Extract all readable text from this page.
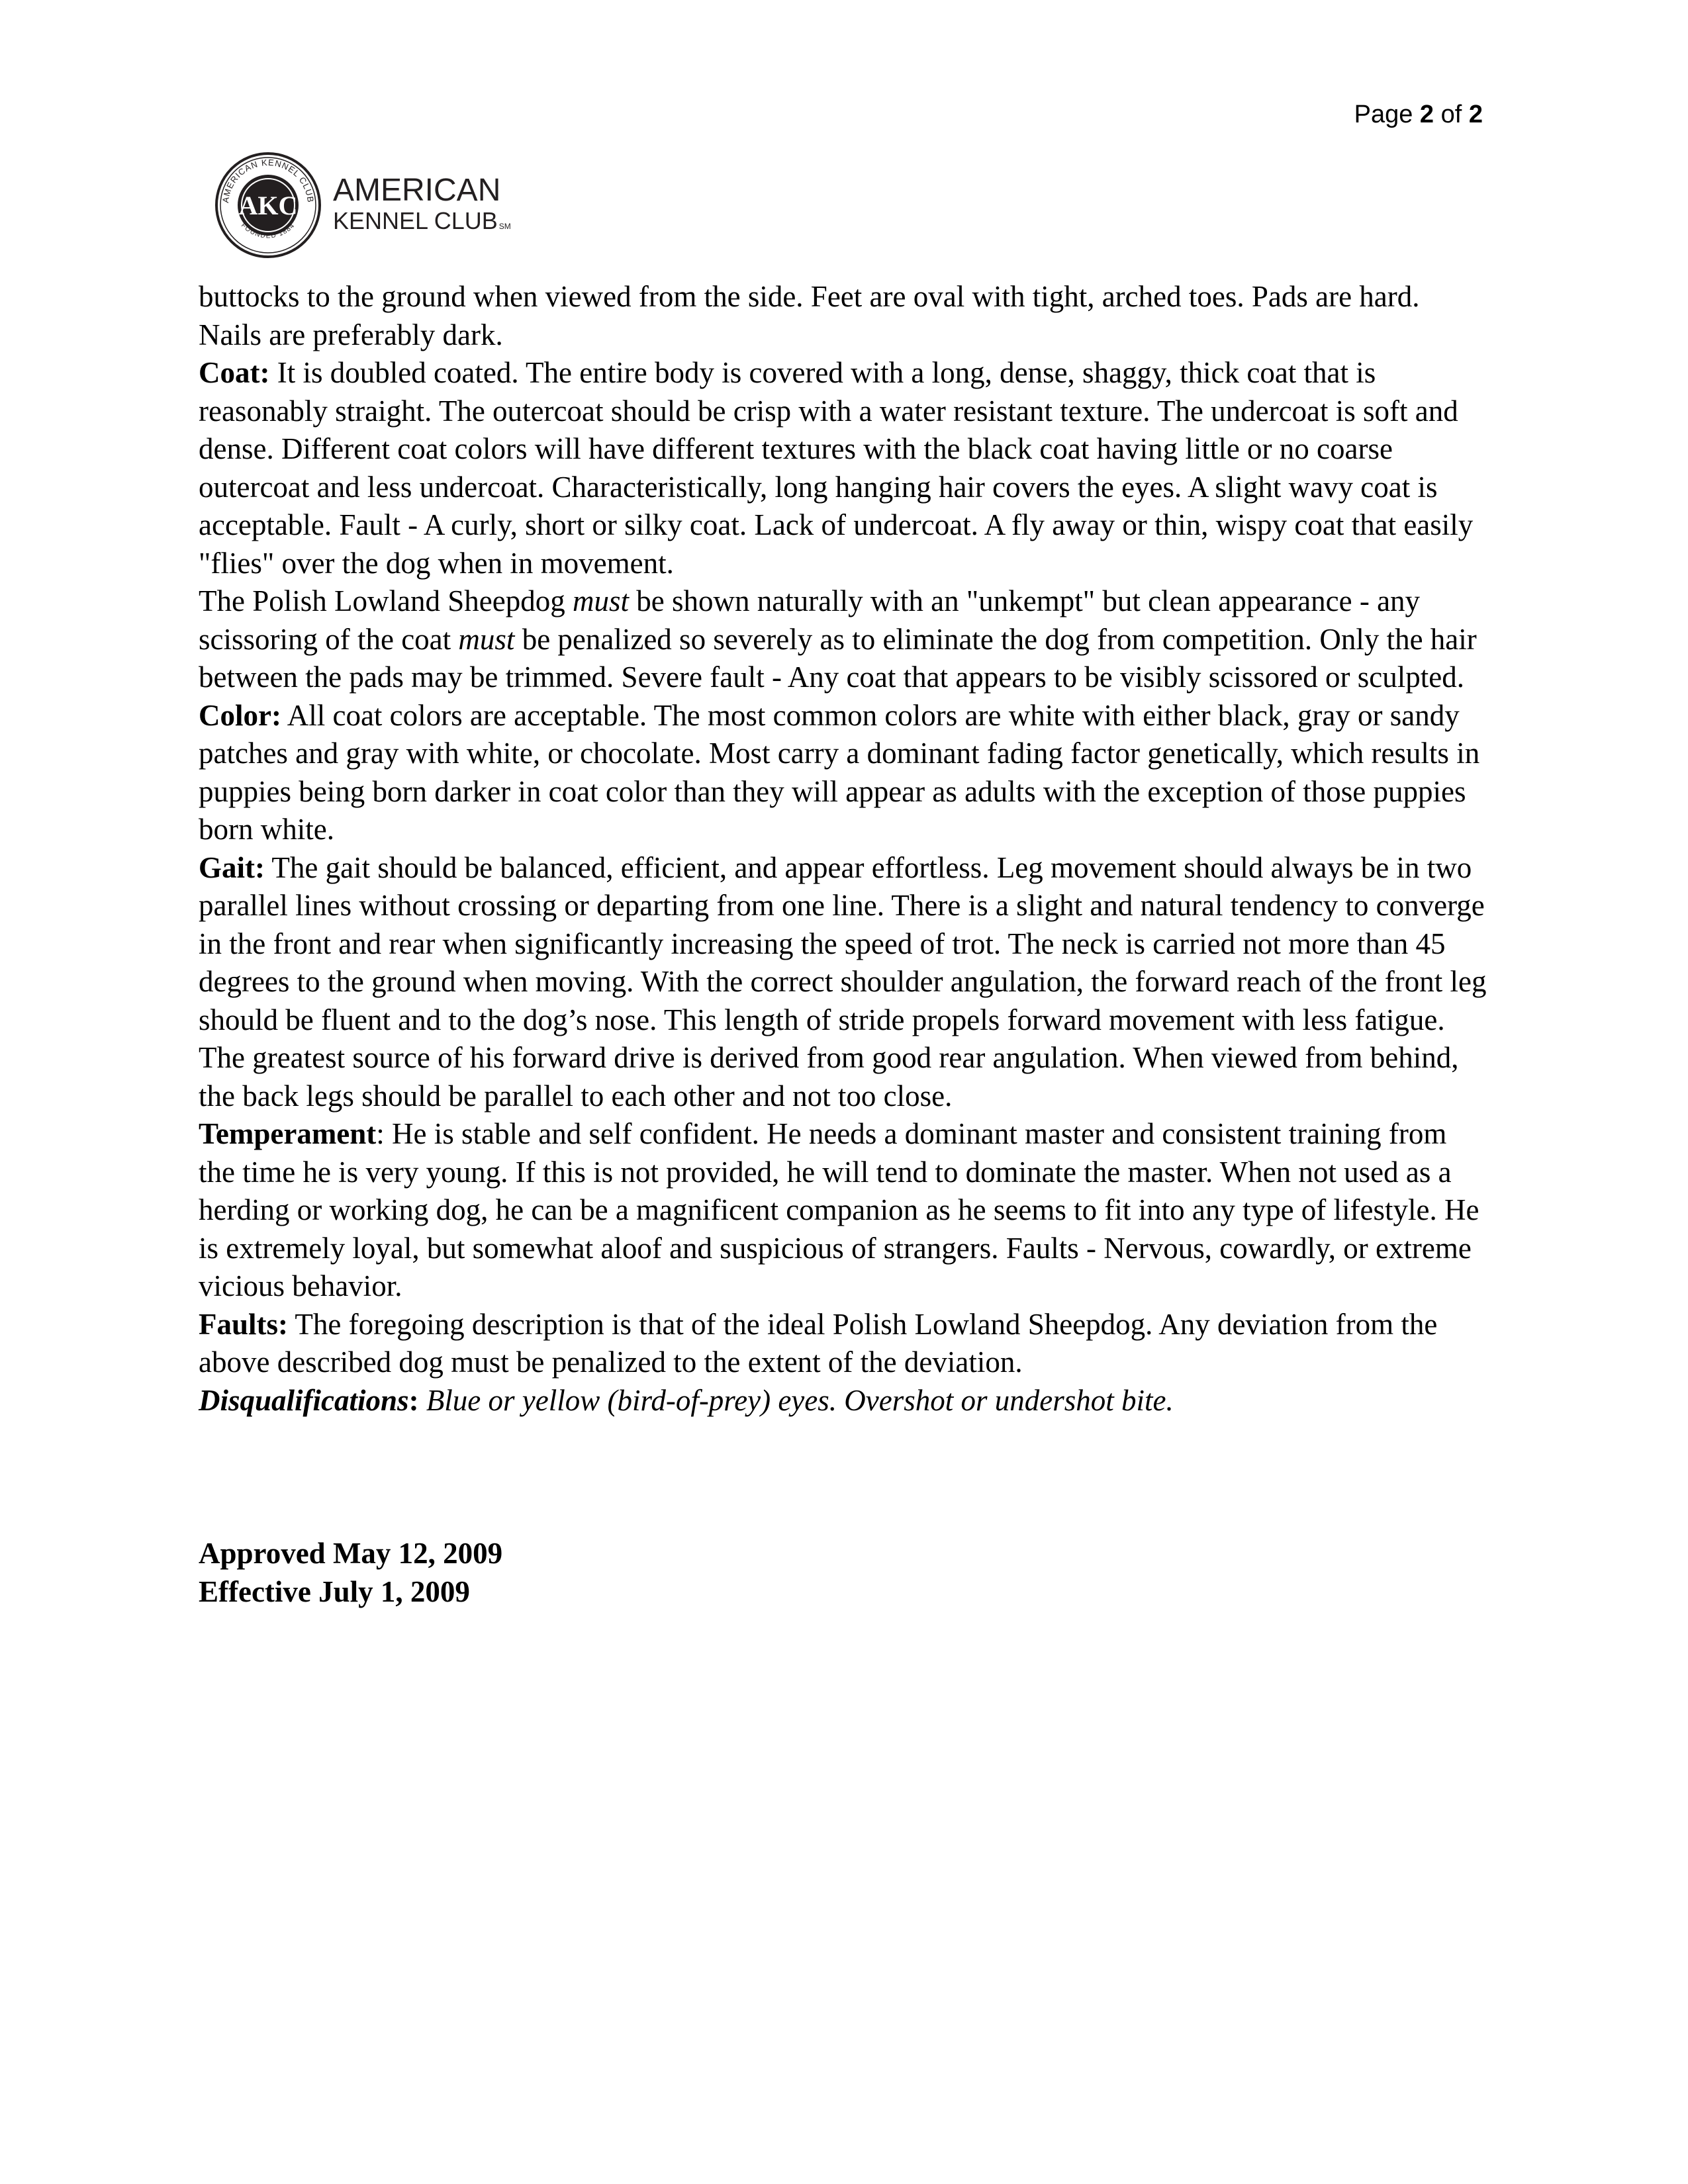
Page 2 of 2
AMERICAN KENNEL CLUB
FOUNDED 1884
AKC AMERICAN
KENNEL CLUB ℠

buttocks to the ground when viewed from the side. Feet are oval with tight, arched toes. Pads are hard. Nails are preferably dark.

Coat: It is doubled coated. The entire body is covered with a long, dense, shaggy, thick coat that is reasonably straight. The outercoat should be crisp with a water resistant texture. The undercoat is soft and dense. Different coat colors will have different textures with the black coat having little or no coarse outercoat and less undercoat. Characteristically, long hanging hair covers the eyes. A slight wavy coat is acceptable. Fault - A curly, short or silky coat. Lack of undercoat. A fly away or thin, wispy coat that easily "flies" over the dog when in movement.

The Polish Lowland Sheepdog must be shown naturally with an "unkempt" but clean appearance - any scissoring of the coat must be penalized so severely as to eliminate the dog from competition. Only the hair between the pads may be trimmed. Severe fault - Any coat that appears to be visibly scissored or sculpted.

Color: All coat colors are acceptable. The most common colors are white with either black, gray or sandy patches and gray with white, or chocolate. Most carry a dominant fading factor genetically, which results in puppies being born darker in coat color than they will appear as adults with the exception of those puppies born white.

Gait: The gait should be balanced, efficient, and appear effortless. Leg movement should always be in two parallel lines without crossing or departing from one line. There is a slight and natural tendency to converge in the front and rear when significantly increasing the speed of trot. The neck is carried not more than 45 degrees to the ground when moving. With the correct shoulder angulation, the forward reach of the front leg should be fluent and to the dog’s nose. This length of stride propels forward movement with less fatigue. The greatest source of his forward drive is derived from good rear angulation. When viewed from behind, the back legs should be parallel to each other and not too close.

Temperament: He is stable and self confident. He needs a dominant master and consistent training from the time he is very young. If this is not provided, he will tend to dominate the master. When not used as a herding or working dog, he can be a magnificent companion as he seems to fit into any type of lifestyle. He is extremely loyal, but somewhat aloof and suspicious of strangers. Faults - Nervous, cowardly, or extreme vicious behavior.

Faults: The foregoing description is that of the ideal Polish Lowland Sheepdog. Any deviation from the above described dog must be penalized to the extent of the deviation.

Disqualifications: Blue or yellow (bird-of-prey) eyes. Overshot or undershot bite.

Approved May 12, 2009
Effective July 1, 2009
